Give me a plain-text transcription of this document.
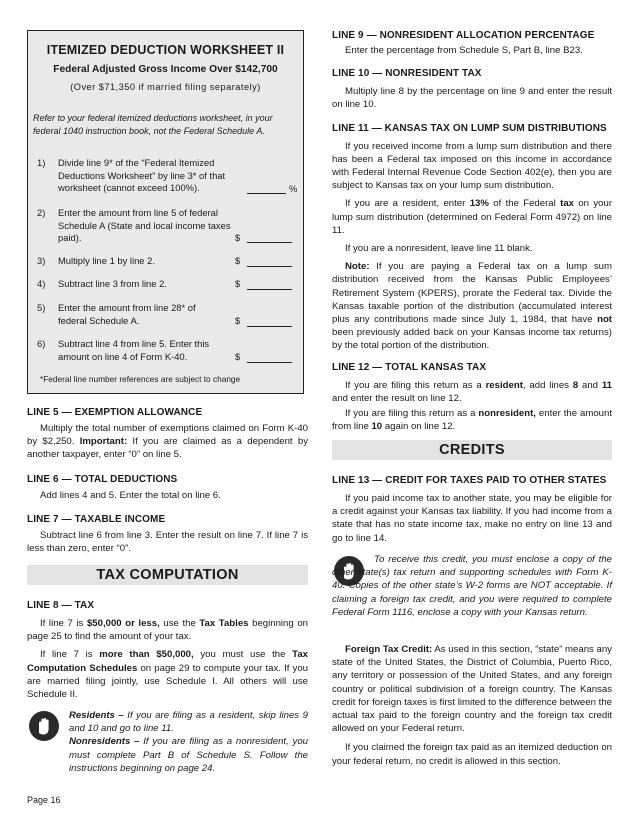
ITEMIZED DEDUCTION WORKSHEET II
Federal Adjusted Gross Income Over $142,700
(Over $71,350 if married filing separately)
Refer to your federal itemized deductions worksheet, in your federal 1040 instruction book, not the Federal Schedule A.
1)	Divide line 9* of the “Federal Itemized Deductions Worksheet” by line 3* of that worksheet (cannot exceed 100%).	%
2)	Enter the amount from line 5 of federal Schedule A (State and local income taxes paid).	$
3)	Multiply line 1 by line 2.	$
4)	Subtract line 3 from line 2.	$
5)	Enter the amount from line 28* of federal Schedule A.	$
6)	Subtract line 4 from line 5. Enter this amount on line 4 of Form K-40.	$
*Federal line number references are subject to change

LINE 5 — EXEMPTION ALLOWANCE

Multiply the total number of exemptions claimed on Form K-40 by $2,250. Important: If you are claimed as a dependent by another taxpayer, enter “0” on line 5.

LINE 6 — TOTAL DEDUCTIONS

Add lines 4 and 5. Enter the total on line 6.

LINE 7 — TAXABLE INCOME

Subtract line 6 from line 3. Enter the result on line 7. If line 7 is less than zero, enter “0”.

TAX COMPUTATION

LINE 8 — TAX

If line 7 is $50,000 or less, use the Tax Tables beginning on page 25 to find the amount of your tax.

If line 7 is more than $50,000, you must use the Tax Computation Schedules on page 29 to compute your tax. If you are married filing jointly, use Schedule I. All others will use Schedule II.

Residents – If you are filing as a resident, skip lines 9 and 10 and go to line 11.

Nonresidents – If you are filing as a nonresident, you must complete Part B of Schedule S. Follow the instructions beginning on page 24.

LINE 9 — NONRESIDENT ALLOCATION PERCENTAGE

Enter the percentage from Schedule S, Part B, line B23.

LINE 10 — NONRESIDENT TAX

Multiply line 8 by the percentage on line 9 and enter the result on line 10.

LINE 11 — KANSAS TAX ON LUMP SUM DISTRIBUTIONS

If you received income from a lump sum distribution and there has been a Federal tax imposed on this income in accordance with Federal Internal Revenue Code Section 402(e), then you are subject to Kansas tax on your lump sum distribution.

If you are a resident, enter 13% of the Federal tax on your lump sum distribution (determined on Federal Form 4972) on line 11.

If you are a nonresident, leave line 11 blank.

Note: If you are paying a Federal tax on a lump sum distribution received from the Kansas Public Employees’ Retirement System (KPERS), prorate the Federal tax. Divide the Kansas taxable portion of the distribution (accumulated interest plus any contributions made since July 1, 1984, that have not been previously added back on your Kansas income tax returns) by the total portion of the distribution.

LINE 12 — TOTAL KANSAS TAX

If you are filing this return as a resident, add lines 8 and 11 and enter the result on line 12.

If you are filing this return as a nonresident, enter the amount from line 10 again on line 12.

CREDITS

LINE 13 — CREDIT FOR TAXES PAID TO OTHER STATES

If you paid income tax to another state, you may be eligible for a credit against your Kansas tax liability. If you had income from a state that has no state income tax, make no entry on line 13 and go to line 14.

To receive this credit, you must enclose a copy of the other state(s) tax return and supporting schedules with Form K-40. Copies of the other state’s W-2 forms are NOT acceptable. If claiming a foreign tax credit, and you were required to complete Federal Form 1116, enclose a copy with your Kansas return.

Foreign Tax Credit: As used in this section, “state” means any state of the United States, the District of Columbia, Puerto Rico, any territory or possession of the United States, and any foreign country or political subdivision of a foreign country. The Kansas credit for foreign taxes is first limited to the difference between the actual tax paid to the foreign country and the foreign tax credit allowed on your Federal return.

If you claimed the foreign tax paid as an itemized deduction on your federal return, no credit is allowed in this section.

Page 16
